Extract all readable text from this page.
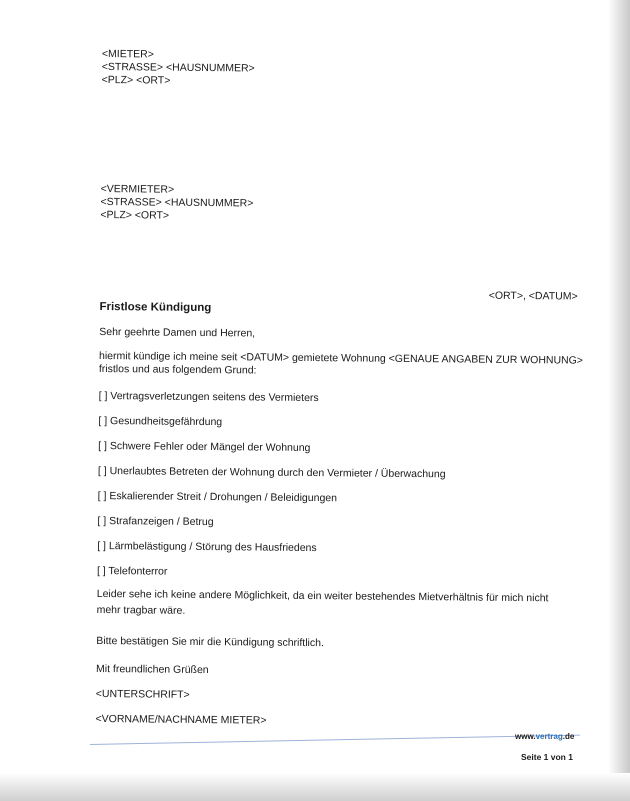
<MIETER>
<STRASSE> <HAUSNUMMER>
<PLZ> <ORT>
<VERMIETER>
<STRASSE> <HAUSNUMMER>
<PLZ> <ORT>
<ORT>, <DATUM>
Fristlose Kündigung
Sehr geehrte Damen und Herren,
hiermit kündige ich meine seit <DATUM> gemietete Wohnung <GENAUE ANGABEN ZUR WOHNUNG>
fristlos und aus folgendem Grund:
[ ] Vertragsverletzungen seitens des Vermieters
[ ] Gesundheitsgefährdung
[ ] Schwere Fehler oder Mängel der Wohnung
[ ] Unerlaubtes Betreten der Wohnung durch den Vermieter / Überwachung
[ ] Eskalierender Streit / Drohungen / Beleidigungen
[ ] Strafanzeigen / Betrug
[ ] Lärmbelästigung / Störung des Hausfriedens
[ ] Telefonterror
Leider sehe ich keine andere Möglichkeit, da ein weiter bestehendes Mietverhältnis für mich nicht
mehr tragbar wäre.
Bitte bestätigen Sie mir die Kündigung schriftlich.
Mit freundlichen Grüßen
<UNTERSCHRIFT>
<VORNAME/NACHNAME MIETER>
www.vertrag.de
Seite 1 von 1
